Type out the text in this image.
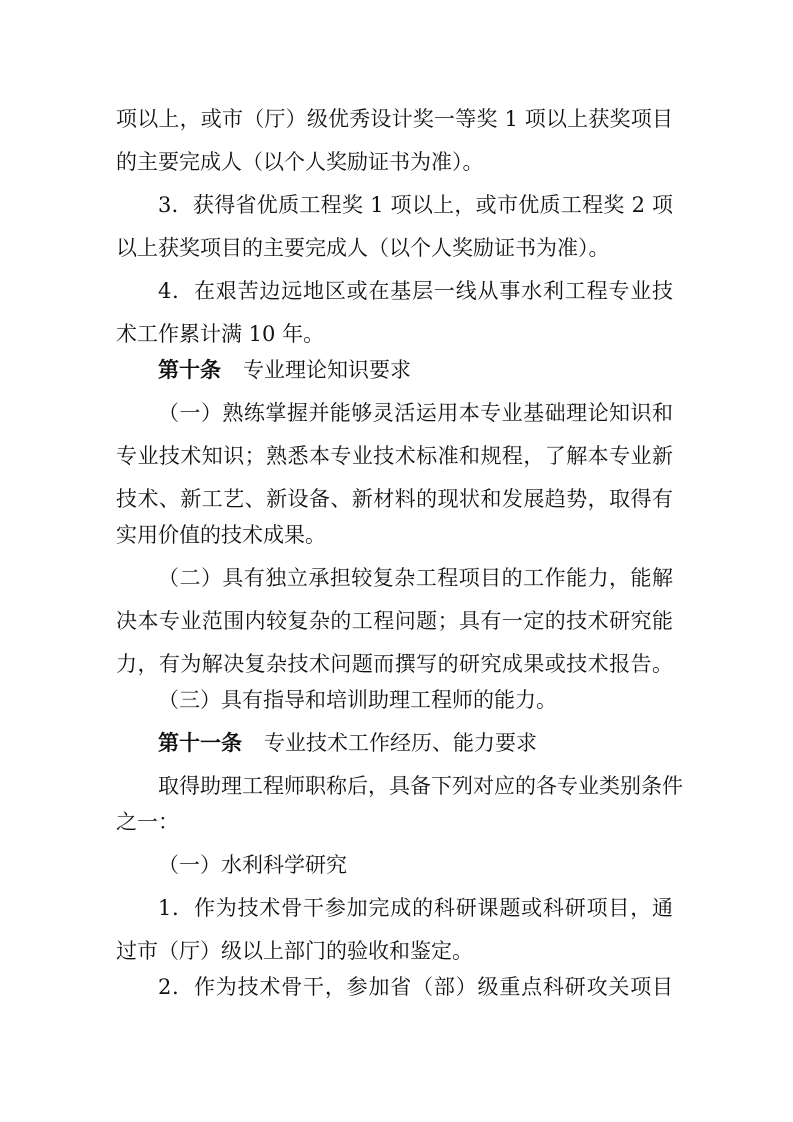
项以上，或市（厅）级优秀设计奖一等奖 1 项以上获奖项目
的主要完成人（以个人奖励证书为准）。
3．获得省优质工程奖 1 项以上，或市优质工程奖 2 项
以上获奖项目的主要完成人（以个人奖励证书为准）。
4．在艰苦边远地区或在基层一线从事水利工程专业技
术工作累计满 10 年。
第十条 专业理论知识要求
（一）熟练掌握并能够灵活运用本专业基础理论知识和
专业技术知识；熟悉本专业技术标准和规程，了解本专业新
技术、新工艺、新设备、新材料的现状和发展趋势，取得有
实用价值的技术成果。
（二）具有独立承担较复杂工程项目的工作能力，能解
决本专业范围内较复杂的工程问题；具有一定的技术研究能
力，有为解决复杂技术问题而撰写的研究成果或技术报告。
（三）具有指导和培训助理工程师的能力。
第十一条 专业技术工作经历、能力要求
取得助理工程师职称后，具备下列对应的各专业类别条件
之一：
（一）水利科学研究
1．作为技术骨干参加完成的科研课题或科研项目，通
过市（厅）级以上部门的验收和鉴定。
2．作为技术骨干，参加省（部）级重点科研攻关项目
